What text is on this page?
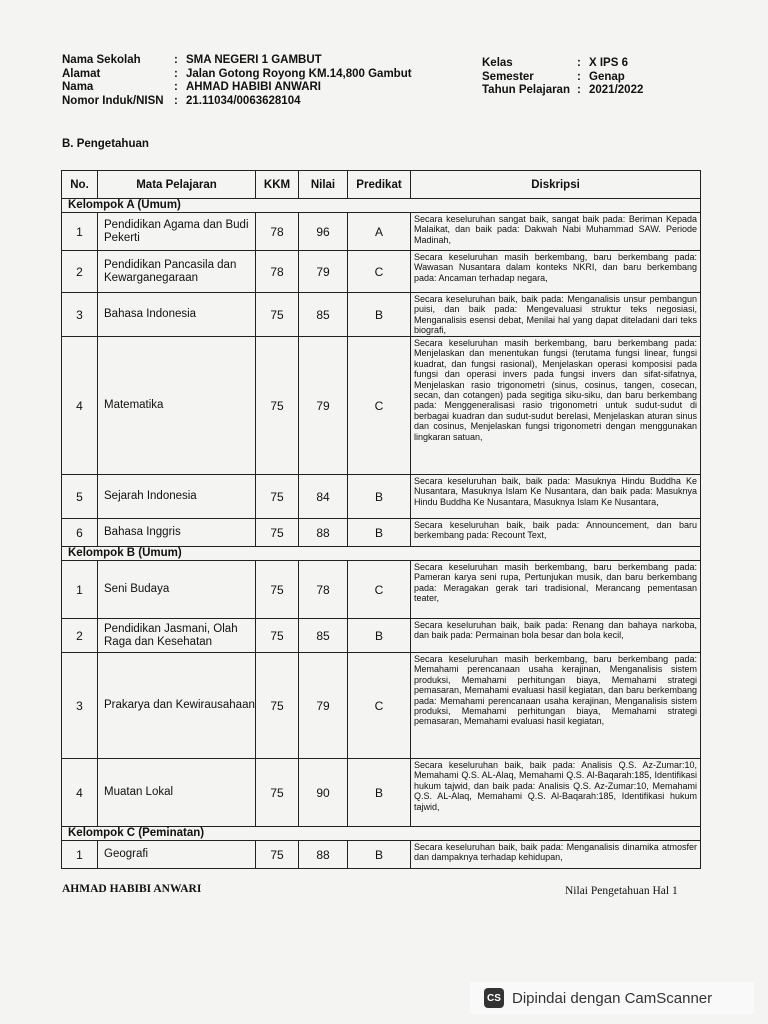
Nama Sekolah	: SMA NEGERI 1 GAMBUT
Alamat	: Jalan Gotong Royong KM.14,800 Gambut
Nama	: AHMAD HABIBI ANWARI
Nomor Induk/NISN : 21.11034/0063628104
Kelas	: X IPS 6
Semester	: Genap
Tahun Pelajaran : 2021/2022
B. Pengetahuan
No.	Mata Pelajaran	KKM	Nilai	Predikat	Diskripsi
Kelompok A (Umum)					
1	Pendidikan Agama dan Budi Pekerti	78	96	A	Secara keseluruhan sangat baik, sangat baik pada: Beriman Kepada Malaikat, dan baik pada: Dakwah Nabi Muhammad SAW. Periode Madinah,

2	Pendidikan Pancasila dan Kewarganegaraan	78	79	C	Secara keseluruhan masih berkembang, baru berkembang pada: Wawasan Nusantara dalam konteks NKRI, dan baru berkembang pada: Ancaman terhadap negara,

3	Bahasa Indonesia	75	85	B	Secara keseluruhan baik, baik pada: Menganalisis unsur pembangun puisi, dan baik pada: Mengevaluasi struktur teks negosiasi, Menganalisis esensi debat, Menilai hal yang dapat diteladani dari teks biografi,

4	Matematika	75	79	C	Secara keseluruhan masih berkembang, baru berkembang pada: Menjelaskan dan menentukan fungsi (terutama fungsi linear, fungsi kuadrat, dan fungsi rasional), Menjelaskan operasi komposisi pada fungsi dan operasi invers pada fungsi invers dan sifat-sifatnya, Menjelaskan rasio trigonometri (sinus, cosinus, tangen, cosecan, secan, dan cotangen) pada segitiga siku-siku, dan baru berkembang pada: Menggeneralisasi rasio trigonometri untuk sudut-sudut di berbagai kuadran dan sudut-sudut berelasi, Menjelaskan aturan sinus dan cosinus, Menjelaskan fungsi trigonometri dengan menggunakan lingkaran satuan,

5	Sejarah Indonesia	75	84	B	Secara keseluruhan baik, baik pada: Masuknya Hindu Buddha Ke Nusantara, Masuknya Islam Ke Nusantara, dan baik pada: Masuknya Hindu Buddha Ke Nusantara, Masuknya Islam Ke Nusantara,

6	Bahasa Inggris	75	88	B	Secara keseluruhan baik, baik pada: Announcement, dan baru berkembang pada: Recount Text,

Kelompok B (Umum)					
1	Seni Budaya	75	78	C	Secara keseluruhan masih berkembang, baru berkembang pada: Pameran karya seni rupa, Pertunjukan musik, dan baru berkembang pada: Meragakan gerak tari tradisional, Merancang pementasan teater,

2	Pendidikan Jasmani, Olah Raga dan Kesehatan	75	85	B	Secara keseluruhan baik, baik pada: Renang dan bahaya narkoba, dan baik pada: Permainan bola besar dan bola kecil,

3	Prakarya dan Kewirausahaan	75	79	C	Secara keseluruhan masih berkembang, baru berkembang pada: Memahami perencanaan usaha kerajinan, Menganalisis sistem produksi, Memahami perhitungan biaya, Memahami strategi pemasaran, Memahami evaluasi hasil kegiatan, dan baru berkembang pada: Memahami perencanaan usaha kerajinan, Menganalisis sistem produksi, Memahami perhitungan biaya, Memahami strategi pemasaran, Memahami evaluasi hasil kegiatan,

4	Muatan Lokal	75	90	B	Secara keseluruhan baik, baik pada: Analisis Q.S. Az-Zumar:10, Memahami Q.S. AL-Alaq, Memahami Q.S. Al-Baqarah:185, Identifikasi hukum tajwid, dan baik pada: Analisis Q.S. Az-Zumar:10, Memahami Q.S. AL-Alaq, Memahami Q.S. Al-Baqarah:185, Identifikasi hukum tajwid,

Kelompok C (Peminatan)					
1	Geografi	75	88	B	Secara keseluruhan baik, baik pada: Menganalisis dinamika atmosfer dan dampaknya terhadap kehidupan,
AHMAD HABIBI ANWARI	Nilai Pengetahuan Hal 1
CS Dipindai dengan CamScanner
